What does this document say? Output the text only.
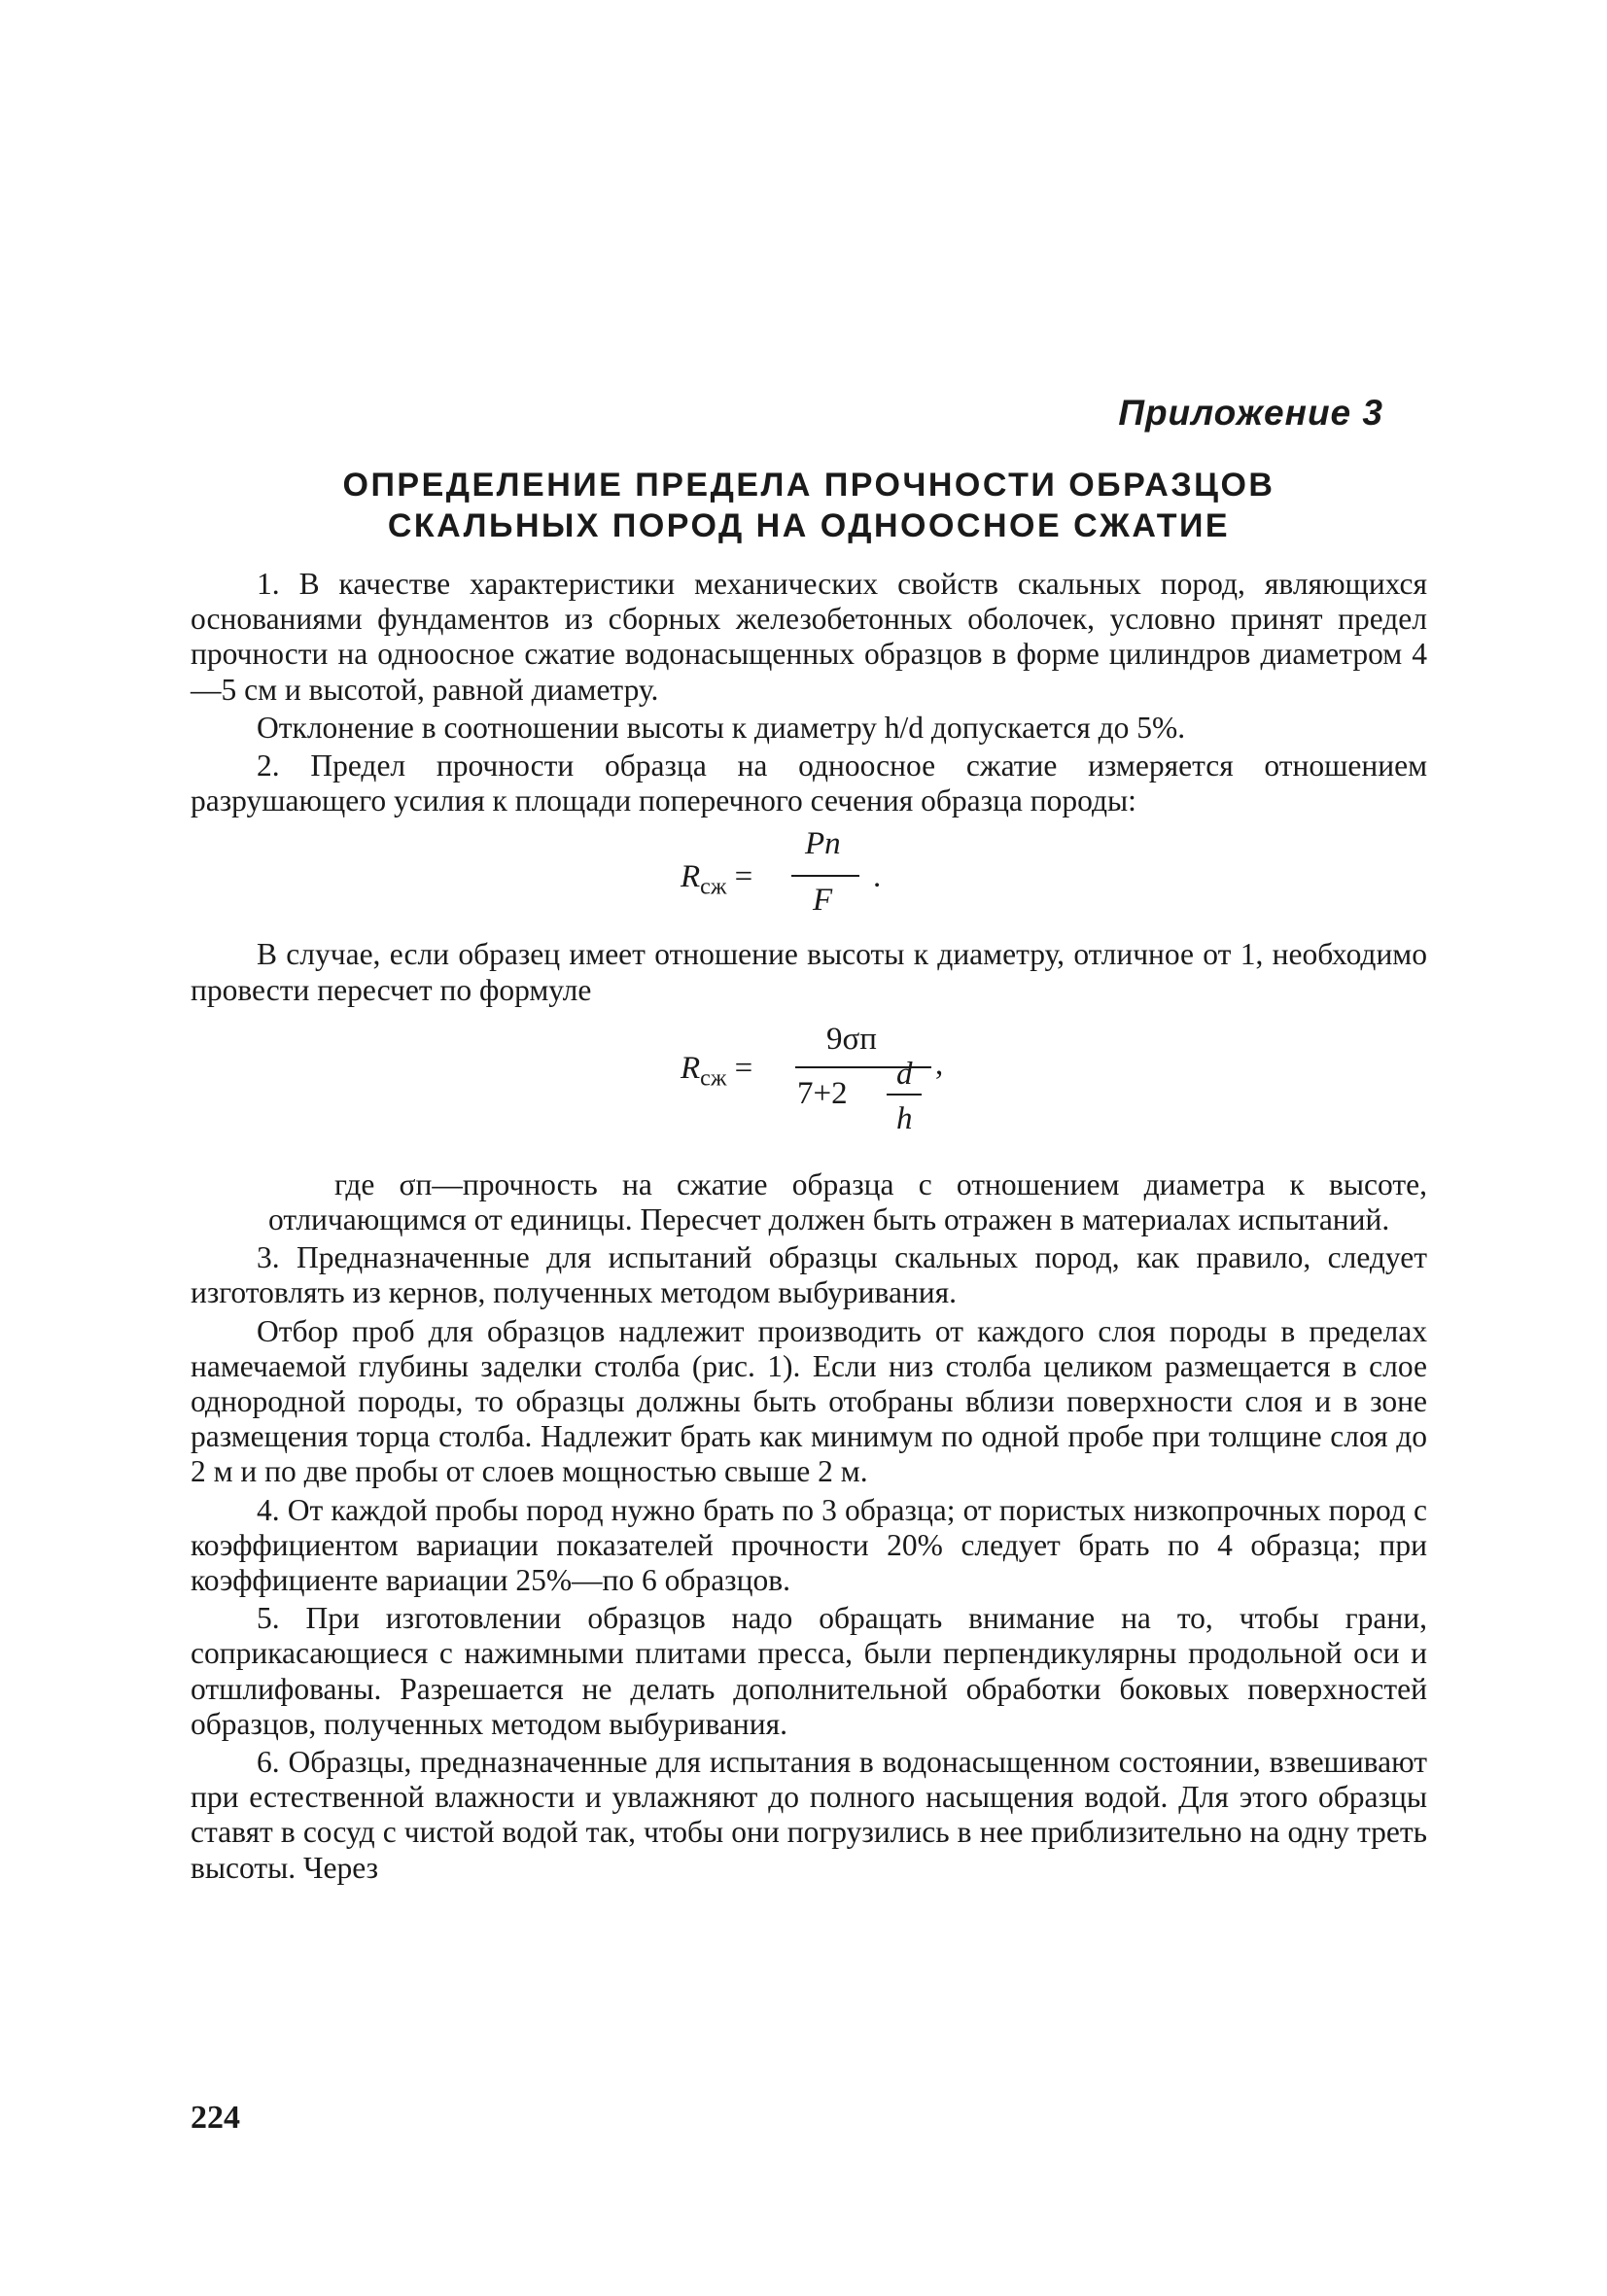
Приложение 3
ОПРЕДЕЛЕНИЕ ПРЕДЕЛА ПРОЧНОСТИ ОБРАЗЦОВ
СКАЛЬНЫХ ПОРОД НА ОДНООСНОЕ СЖАТИЕ

1. В качестве характеристики механических свойств скальных пород, являющихся основаниями фундаментов из сборных железобетонных оболочек, условно принят предел прочности на одноосное сжатие водонасыщенных образцов в форме цилиндров диаметром 4—5 см и высотой, равной диаметру.

Отклонение в соотношении высоты к диаметру h/d допускается до 5%.

2. Предел прочности образца на одноосное сжатие измеряется отношением разрушающего усилия к площади поперечного сечения образца породы:

$R_{сж}$ =
Pп
F
.

В случае, если образец имеет отношение высоты к диаметру, отличное от 1, необходимо провести пересчет по формуле

$R_{сж}$ =
9σп
7+2
d
h
,

где σп—прочность на сжатие образца с отношением диаметра к высоте, отличающимся от единицы. Пересчет должен быть отражен в материалах испытаний.

3. Предназначенные для испытаний образцы скальных пород, как правило, следует изготовлять из кернов, полученных методом выбуривания.

Отбор проб для образцов надлежит производить от каждого слоя породы в пределах намечаемой глубины заделки столба (рис. 1). Если низ столба целиком размещается в слое однородной породы, то образцы должны быть отобраны вблизи поверхности слоя и в зоне размещения торца столба. Надлежит брать как минимум по одной пробе при толщине слоя до 2 м и по две пробы от слоев мощностью свыше 2 м.

4. От каждой пробы пород нужно брать по 3 образца; от пористых низкопрочных пород с коэффициентом вариации показателей прочности 20% следует брать по 4 образца; при коэффициенте вариации 25%—по 6 образцов.

5. При изготовлении образцов надо обращать внимание на то, чтобы грани, соприкасающиеся с нажимными плитами пресса, были перпендикулярны продольной оси и отшлифованы. Разрешается не делать дополнительной обработки боковых поверхностей образцов, полученных методом выбуривания.

6. Образцы, предназначенные для испытания в водонасыщенном состоянии, взвешивают при естественной влажности и увлажняют до полного насыщения водой. Для этого образцы ставят в сосуд с чистой водой так, чтобы они погрузились в нее приблизительно на одну треть высоты. Через

224
